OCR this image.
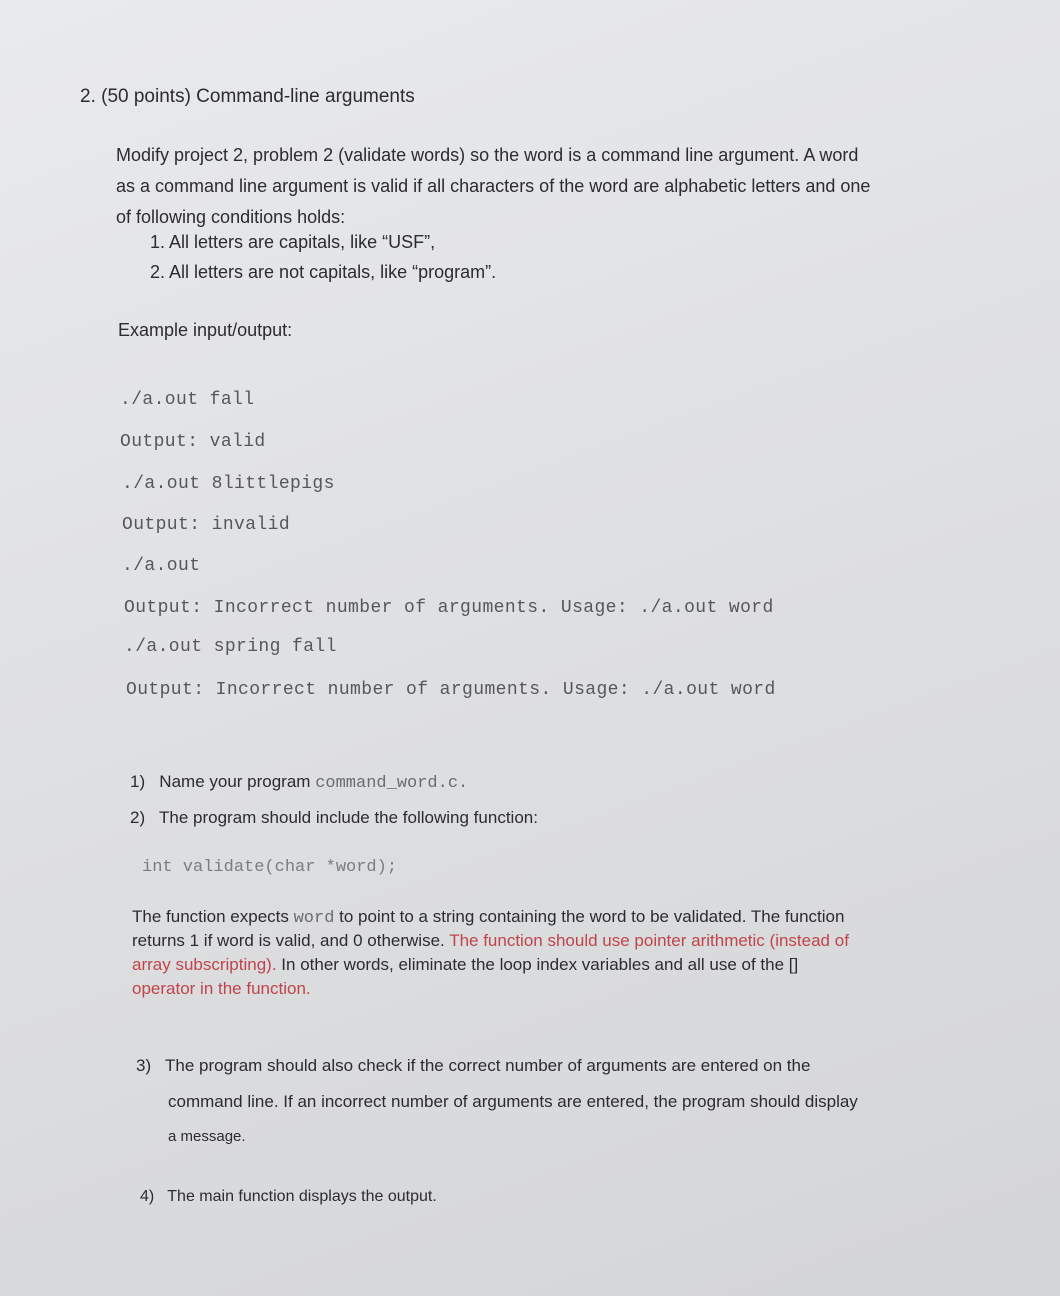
2. (50 points) Command-line arguments
Modify project 2, problem 2 (validate words) so the word is a command line argument. A word
as a command line argument is valid if all characters of the word are alphabetic letters and one
of following conditions holds:
1. All letters are capitals, like “USF”,
2. All letters are not capitals, like “program”.
Example input/output:
./a.out fall
Output: valid
./a.out 8littlepigs
Output: invalid
./a.out
Output: Incorrect number of arguments. Usage: ./a.out word
./a.out spring fall
Output: Incorrect number of arguments. Usage: ./a.out word
1) Name your program command_word.c.
2) The program should include the following function:
int validate(char *word);
The function expects word to point to a string containing the word to be validated. The function
returns 1 if word is valid, and 0 otherwise. The function should use pointer arithmetic (instead of
array subscripting). In other words, eliminate the loop index variables and all use of the []
operator in the function.
3) The program should also check if the correct number of arguments are entered on the
command line. If an incorrect number of arguments are entered, the program should display
a message.
4) The main function displays the output.
